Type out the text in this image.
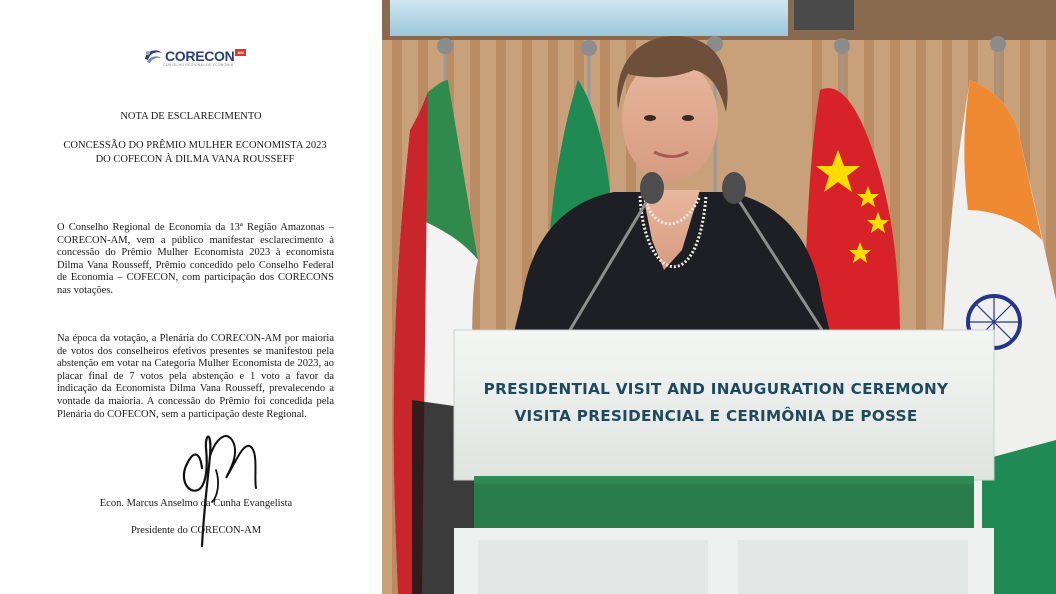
CORECON AM
CONSELHO REGIONAL DE ECONOMIA

NOTA DE ESCLARECIMENTO

CONCESSÃO DO PRÊMIO MULHER ECONOMISTA 2023 DO COFECON À DILMA VANA ROUSSEFF

O Conselho Regional de Economia da 13ª Região Amazonas – CORECON-AM, vem a público manifestar esclarecimento à concessão do Prêmio Mulher Economista 2023 à economista Dilma Vana Rousseff, Prêmio concedido pelo Conselho Federal de Economia – COFECON, com participação dos CORECONS nas votações.

Na época da votação, a Plenária do CORECON-AM por maioria de votos dos conselheiros efetivos presentes se manifestou pela abstenção em votar na Categoria Mulher Economista de 2023, ao placar final de 7 votos pela abstenção e 1 voto a favor da indicação da Economista Dilma Vana Rousseff, prevalecendo a vontade da maioria. A concessão do Prêmio foi concedida pela Plenária do COFECON, sem a participação deste Regional.

Econ. Marcus Anselmo da Cunha Evangelista

Presidente do CORECON-AM

PRESIDENTIAL VISIT AND INAUGURATION CEREMONY
VISITA PRESIDENCIAL E CERIMÔNIA DE POSSE
